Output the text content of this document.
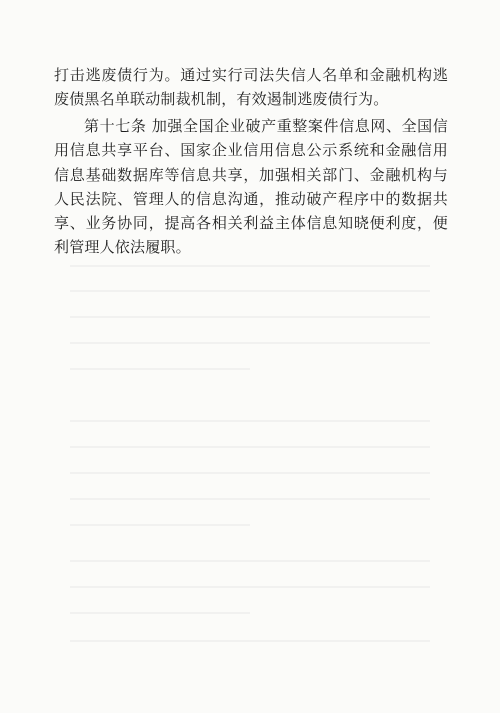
打击逃废债行为。通过实行司法失信人名单和金融机构逃废债黑名单联动制裁机制，有效遏制逃废债行为。

第十七条 加强全国企业破产重整案件信息网、全国信用信息共享平台、国家企业信用信息公示系统和金融信用信息基础数据库等信息共享，加强相关部门、金融机构与人民法院、管理人的信息沟通，推动破产程序中的数据共享、业务协同，提高各相关利益主体信息知晓便利度，便利管理人依法履职。
